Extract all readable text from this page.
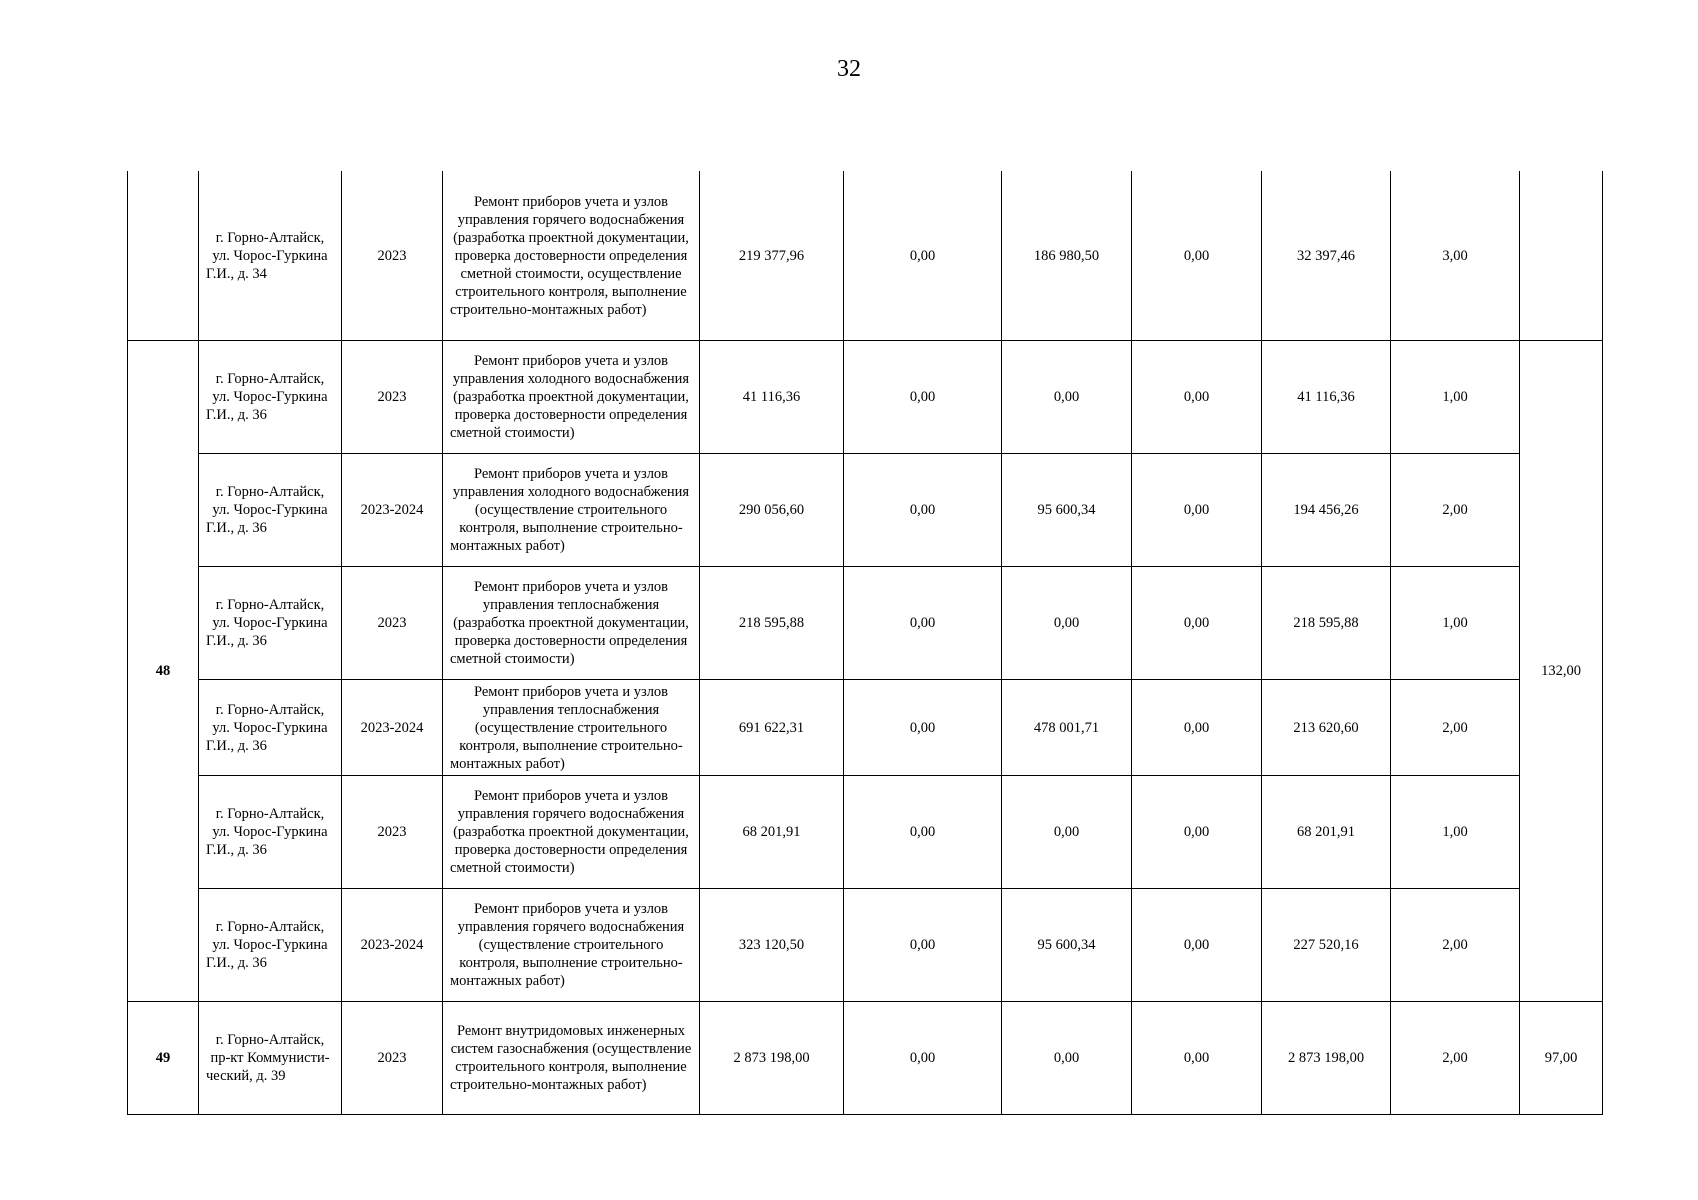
32
	г. Горно-Алтайск, ул. Чорос-Гуркина Г.И., д. 34	2023	Ремонт приборов учета и узлов управления горячего водоснабжения (разработка проектной документации, проверка достоверности определения сметной стоимости, осуществление строительного контроля, выполнение строительно-монтажных работ)	219 377,96	0,00	186 980,50	0,00	32 397,46	3,00	
48	г. Горно-Алтайск, ул. Чорос-Гуркина Г.И., д. 36	2023	Ремонт приборов учета и узлов управления холодного водоснабжения (разработка проектной документации, проверка достоверности определения сметной стоимости)	41 116,36	0,00	0,00	0,00	41 116,36	1,00	132,00
	г. Горно-Алтайск, ул. Чорос-Гуркина Г.И., д. 36	2023-2024	Ремонт приборов учета и узлов управления холодного водоснабжения (осуществление строительного контроля, выполнение строительно-монтажных работ)	290 056,60	0,00	95 600,34	0,00	194 456,26	2,00	
	г. Горно-Алтайск, ул. Чорос-Гуркина Г.И., д. 36	2023	Ремонт приборов учета и узлов управления теплоснабжения (разработка проектной документации, проверка достоверности определения сметной стоимости)	218 595,88	0,00	0,00	0,00	218 595,88	1,00	
	г. Горно-Алтайск, ул. Чорос-Гуркина Г.И., д. 36	2023-2024	Ремонт приборов учета и узлов управления теплоснабжения (осуществление строительного контроля, выполнение строительно-монтажных работ)	691 622,31	0,00	478 001,71	0,00	213 620,60	2,00	
	г. Горно-Алтайск, ул. Чорос-Гуркина Г.И., д. 36	2023	Ремонт приборов учета и узлов управления горячего водоснабжения (разработка проектной документации, проверка достоверности определения сметной стоимости)	68 201,91	0,00	0,00	0,00	68 201,91	1,00	
	г. Горно-Алтайск, ул. Чорос-Гуркина Г.И., д. 36	2023-2024	Ремонт приборов учета и узлов управления горячего водоснабжения (существление строительного контроля, выполнение строительно-монтажных работ)	323 120,50	0,00	95 600,34	0,00	227 520,16	2,00	
49	г. Горно-Алтайск, пр-кт Коммунисти-ческий, д. 39	2023	Ремонт внутридомовых инженерных систем газоснабжения (осуществление строительного контроля, выполнение строительно-монтажных работ)	2 873 198,00	0,00	0,00	0,00	2 873 198,00	2,00	97,00
